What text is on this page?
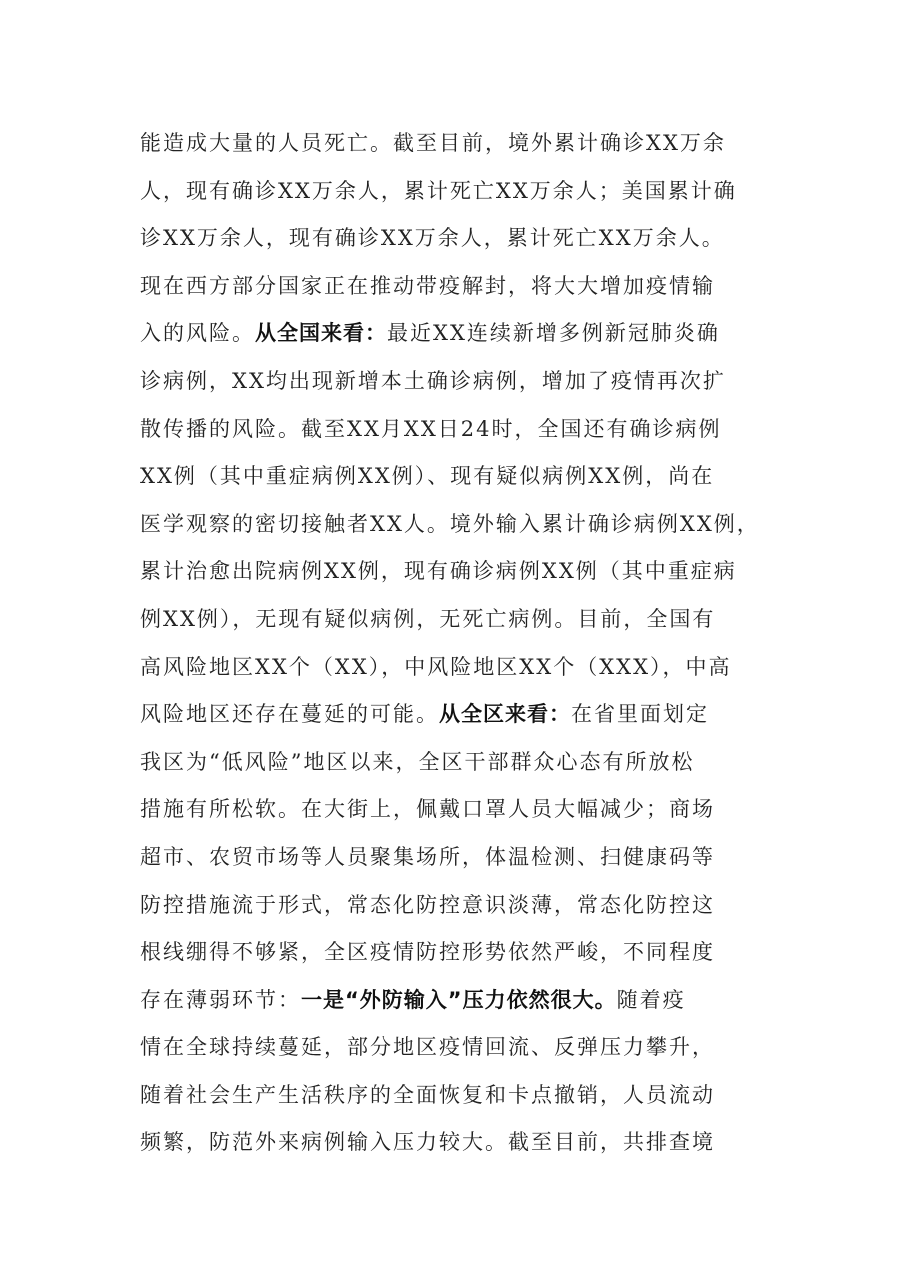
能造成大量的人员死亡。截至目前，境外累计确诊XX万余
人，现有确诊XX万余人，累计死亡XX万余人；美国累计确
诊XX万余人，现有确诊XX万余人，累计死亡XX万余人。
现在西方部分国家正在推动带疫解封，将大大增加疫情输
入的风险。从全国来看：最近XX连续新增多例新冠肺炎确
诊病例，XX均出现新增本土确诊病例，增加了疫情再次扩
散传播的风险。截至XX月XX日24时，全国还有确诊病例
XX例（其中重症病例XX例）、现有疑似病例XX例，尚在
医学观察的密切接触者XX人。境外输入累计确诊病例XX例，
累计治愈出院病例XX例，现有确诊病例XX例（其中重症病
例XX例），无现有疑似病例，无死亡病例。目前，全国有
高风险地区XX个（XX），中风险地区XX个（XXX），中高
风险地区还存在蔓延的可能。从全区来看：在省里面划定
我区为“低风险”地区以来，全区干部群众心态有所放松
措施有所松软。在大街上，佩戴口罩人员大幅减少；商场
超市、农贸市场等人员聚集场所，体温检测、扫健康码等
防控措施流于形式，常态化防控意识淡薄，常态化防控这
根线绷得不够紧，全区疫情防控形势依然严峻，不同程度
存在薄弱环节：一是“外防输入”压力依然很大。随着疫
情在全球持续蔓延，部分地区疫情回流、反弹压力攀升，
随着社会生产生活秩序的全面恢复和卡点撤销，人员流动
频繁，防范外来病例输入压力较大。截至目前，共排查境
